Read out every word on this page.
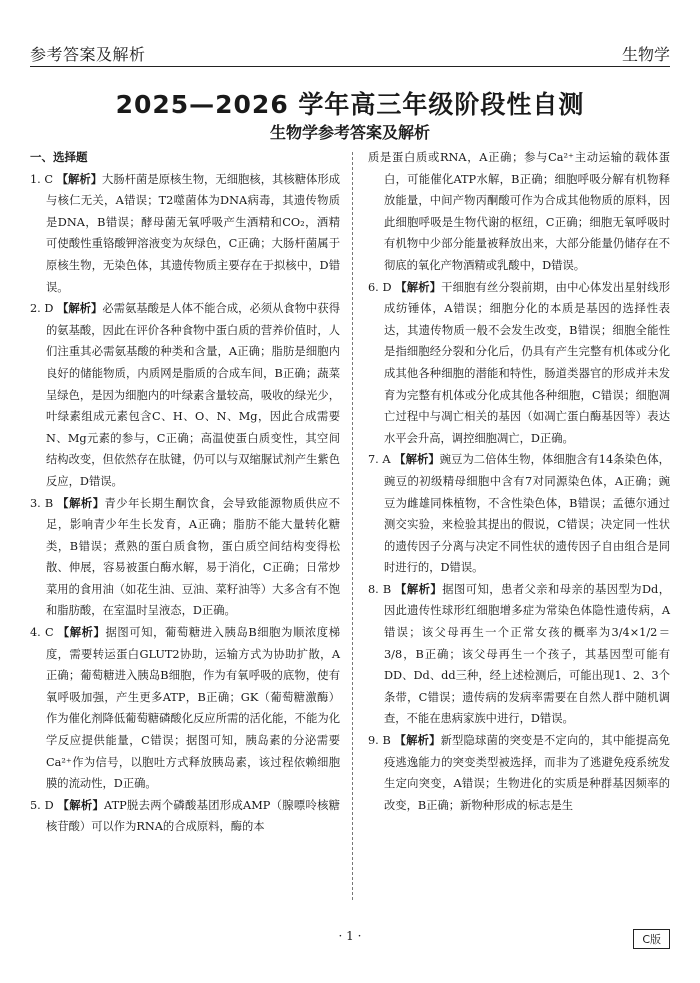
参考答案及解析	生物学
2025—2026 学年高三年级阶段性自测
生物学参考答案及解析
一、选择题

1. C 【解析】大肠杆菌是原核生物，无细胞核，其核糖体形成与核仁无关，A错误；T2噬菌体为DNA病毒，其遗传物质是DNA，B错误；酵母菌无氧呼吸产生酒精和CO₂，酒精可使酸性重铬酸钾溶液变为灰绿色，C正确；大肠杆菌属于原核生物，无染色体，其遗传物质主要存在于拟核中，D错误。

2. D 【解析】必需氨基酸是人体不能合成，必须从食物中获得的氨基酸，因此在评价各种食物中蛋白质的营养价值时，人们注重其必需氨基酸的种类和含量，A正确；脂肪是细胞内良好的储能物质，内质网是脂质的合成车间，B正确；蔬菜呈绿色，是因为细胞内的叶绿素含量较高，吸收的绿光少，叶绿素组成元素包含C、H、O、N、Mg，因此合成需要N、Mg元素的参与，C正确；高温使蛋白质变性，其空间结构改变，但依然存在肽键，仍可以与双缩脲试剂产生紫色反应，D错误。

3. B 【解析】青少年长期生酮饮食，会导致能源物质供应不足，影响青少年生长发育，A正确；脂肪不能大量转化糖类，B错误；煮熟的蛋白质食物，蛋白质空间结构变得松散、伸展，容易被蛋白酶水解，易于消化，C正确；日常炒菜用的食用油（如花生油、豆油、菜籽油等）大多含有不饱和脂肪酸，在室温时呈液态，D正确。

4. C 【解析】据图可知，葡萄糖进入胰岛B细胞为顺浓度梯度，需要转运蛋白GLUT2协助，运输方式为协助扩散，A正确；葡萄糖进入胰岛B细胞，作为有氧呼吸的底物，使有氧呼吸加强，产生更多ATP，B正确；GK（葡萄糖激酶）作为催化剂降低葡萄糖磷酸化反应所需的活化能，不能为化学反应提供能量，C错误；据图可知，胰岛素的分泌需要Ca²⁺作为信号，以胞吐方式释放胰岛素，该过程依赖细胞膜的流动性，D正确。

5. D 【解析】ATP脱去两个磷酸基团形成AMP（腺嘌呤核糖核苷酸）可以作为RNA的合成原料，酶的本

质是蛋白质或RNA，A正确；参与Ca²⁺主动运输的载体蛋白，可能催化ATP水解，B正确；细胞呼吸分解有机物释放能量，中间产物丙酮酸可作为合成其他物质的原料，因此细胞呼吸是生物代谢的枢纽，C正确；细胞无氧呼吸时有机物中少部分能量被释放出来，大部分能量仍储存在不彻底的氧化产物酒精或乳酸中，D错误。

6. D 【解析】干细胞有丝分裂前期，由中心体发出星射线形成纺锤体，A错误；细胞分化的本质是基因的选择性表达，其遗传物质一般不会发生改变，B错误；细胞全能性是指细胞经分裂和分化后，仍具有产生完整有机体或分化成其他各种细胞的潜能和特性，肠道类器官的形成并未发育为完整有机体或分化成其他各种细胞，C错误；细胞凋亡过程中与凋亡相关的基因（如凋亡蛋白酶基因等）表达水平会升高，调控细胞凋亡，D正确。

7. A 【解析】豌豆为二倍体生物，体细胞含有14条染色体，豌豆的初级精母细胞中含有7对同源染色体，A正确；豌豆为雌雄同株植物，不含性染色体，B错误；孟德尔通过测交实验，来检验其提出的假说，C错误；决定同一性状的遗传因子分离与决定不同性状的遗传因子自由组合是同时进行的，D错误。

8. B 【解析】据图可知，患者父亲和母亲的基因型为Dd，因此遗传性球形红细胞增多症为常染色体隐性遗传病，A错误；该父母再生一个正常女孩的概率为3/4×1/2＝3/8，B正确；该父母再生一个孩子，其基因型可能有DD、Dd、dd三种，经上述检测后，可能出现1、2、3个条带，C错误；遗传病的发病率需要在自然人群中随机调查，不能在患病家族中进行，D错误。

9. B 【解析】新型隐球菌的突变是不定向的，其中能提高免疫逃逸能力的突变类型被选择，而非为了逃避免疫系统发生定向突变，A错误；生物进化的实质是种群基因频率的改变，B正确；新物种形成的标志是生

· 1 ·	C版
